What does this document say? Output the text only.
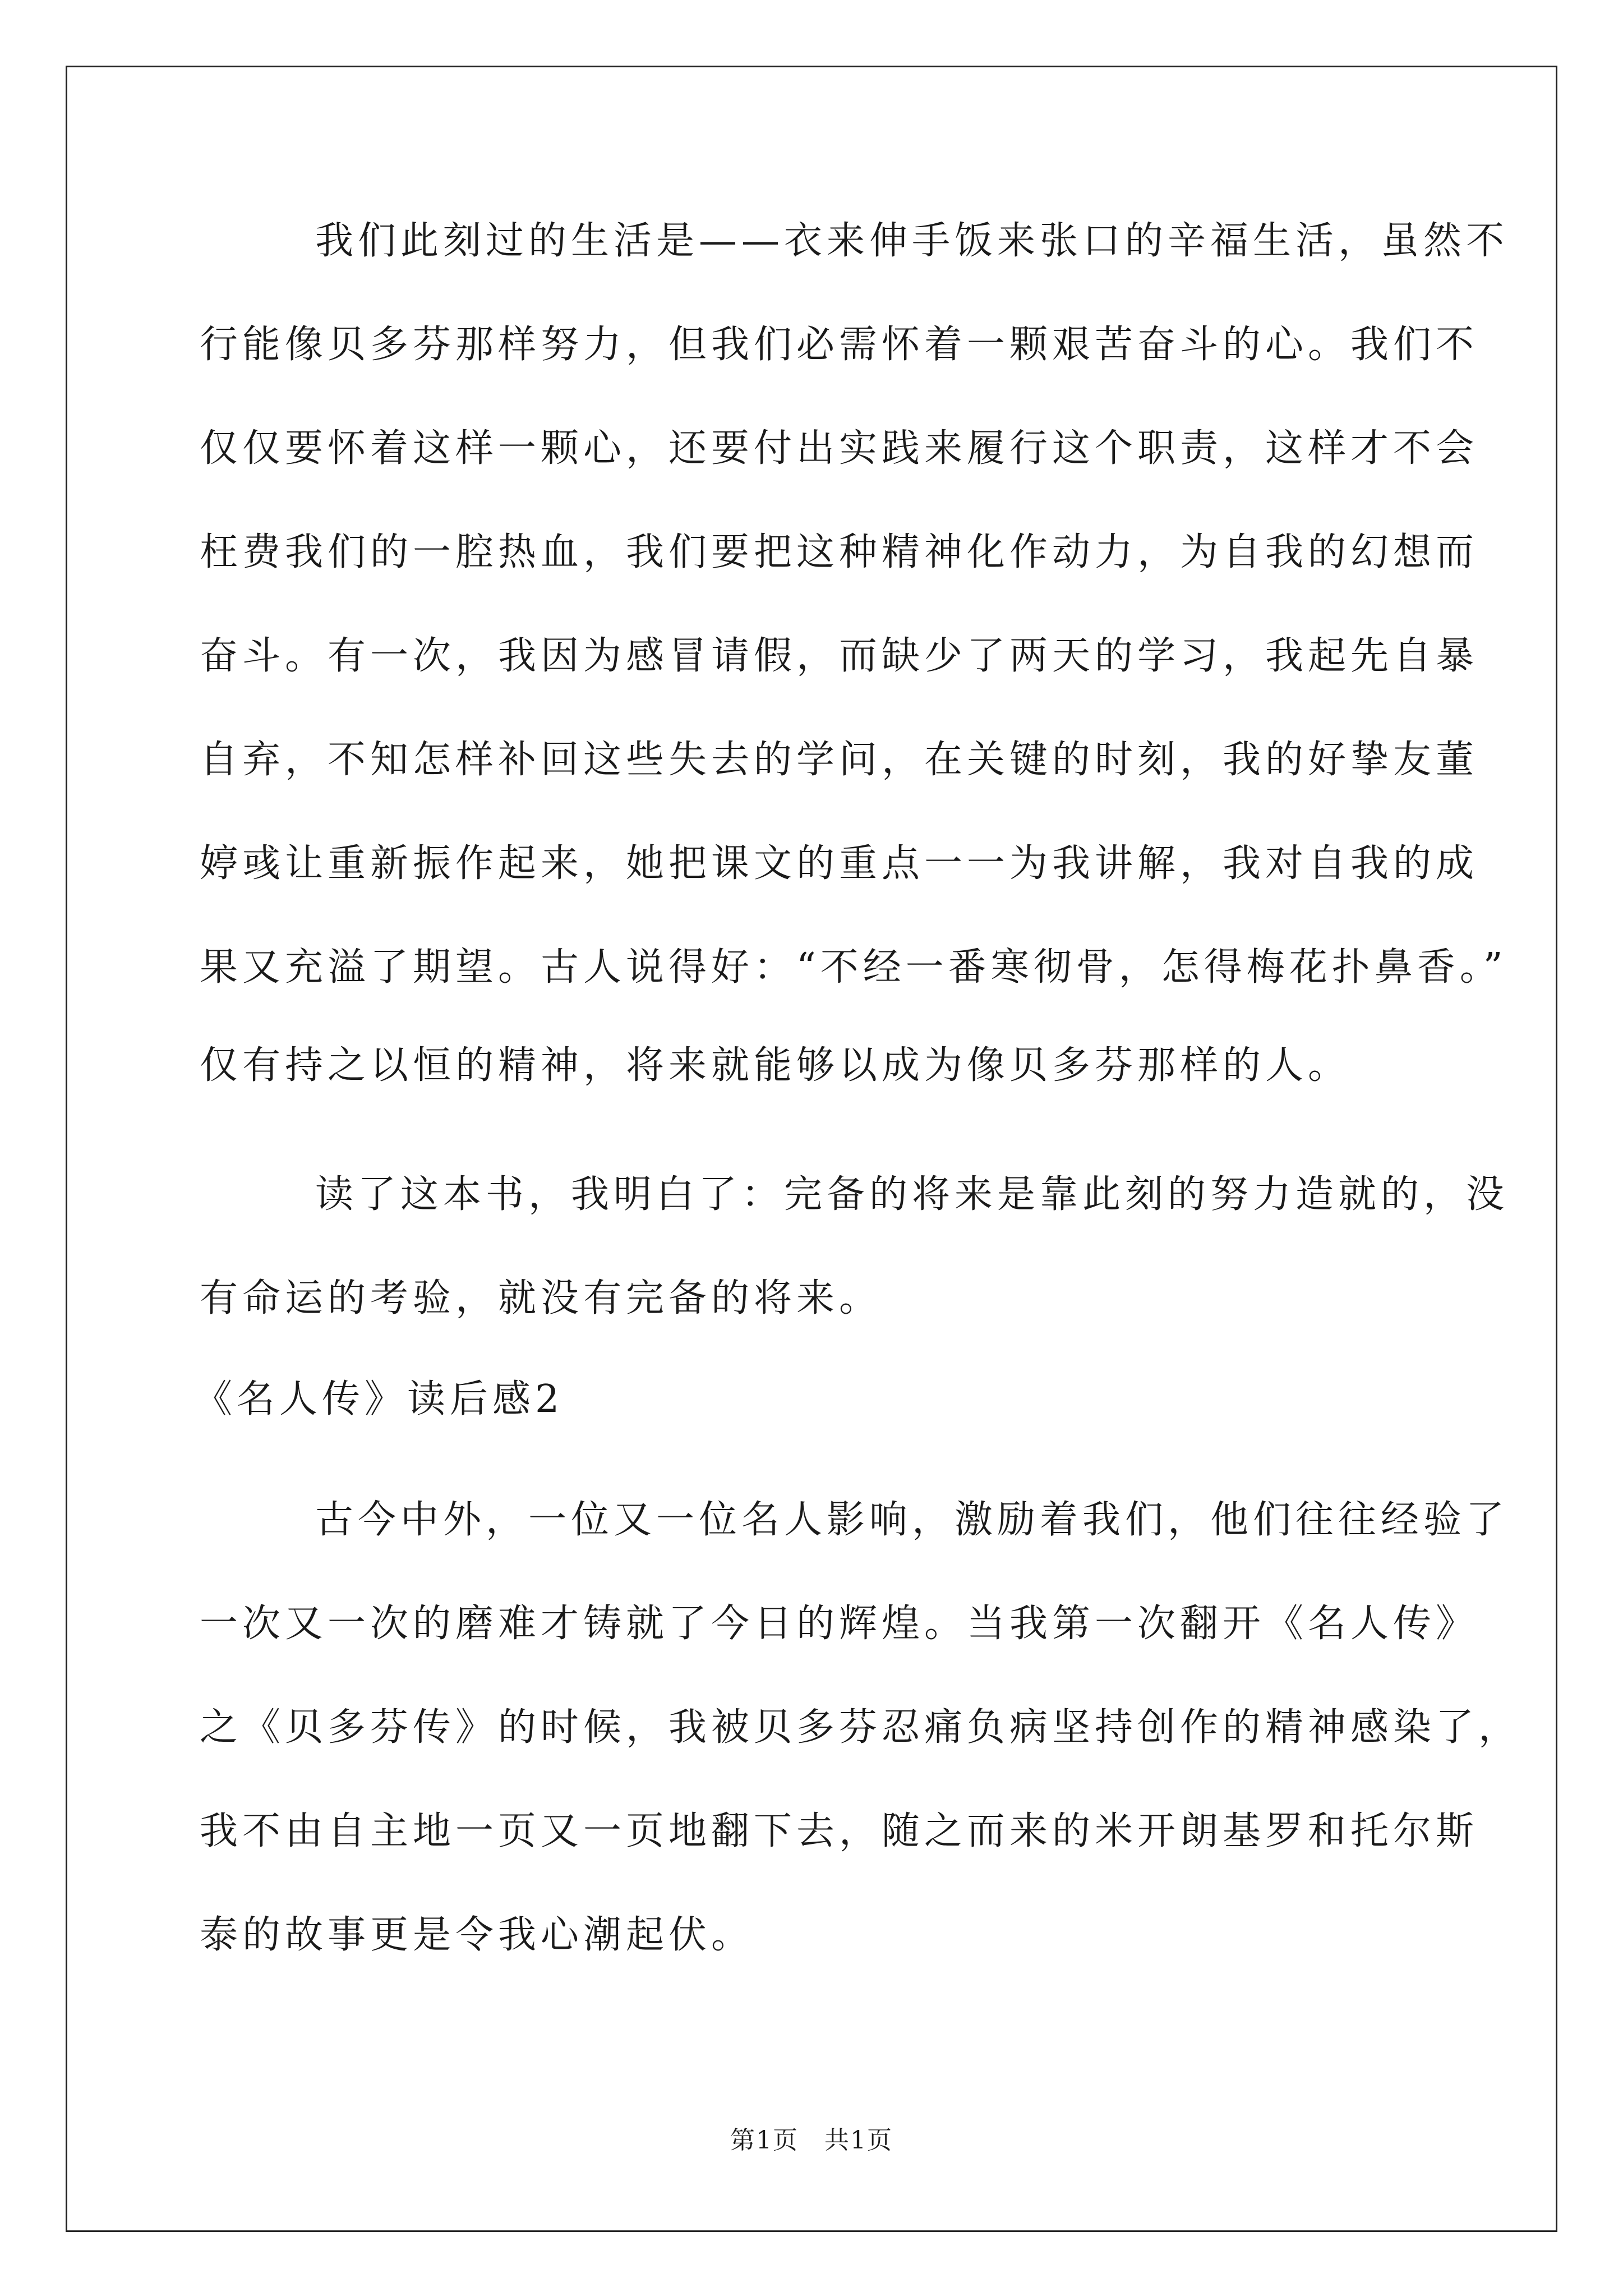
　我们此刻过的生活是——衣来伸手饭来张口的辛福生活，虽然不
行能像贝多芬那样努力，但我们必需怀着一颗艰苦奋斗的心。我们不
仅仅要怀着这样一颗心，还要付出实践来履行这个职责，这样才不会
枉费我们的一腔热血，我们要把这种精神化作动力，为自我的幻想而
奋斗。有一次，我因为感冒请假，而缺少了两天的学习，我起先自暴
自弃，不知怎样补回这些失去的学问，在关键的时刻，我的好挚友董
婷彧让重新振作起来，她把课文的重点一一为我讲解，我对自我的成
果又充溢了期望。古人说得好：“不经一番寒彻骨，怎得梅花扑鼻香。”
仅有持之以恒的精神，将来就能够以成为像贝多芬那样的人。
　读了这本书，我明白了：完备的将来是靠此刻的努力造就的，没
有命运的考验，就没有完备的将来。
《名人传》读后感2
　古今中外，一位又一位名人影响，激励着我们，他们往往经验了
一次又一次的磨难才铸就了今日的辉煌。当我第一次翻开《名人传》
之《贝多芬传》的时候，我被贝多芬忍痛负病坚持创作的精神感染了，
我不由自主地一页又一页地翻下去，随之而来的米开朗基罗和托尔斯
泰的故事更是令我心潮起伏。
第1页　共1页
